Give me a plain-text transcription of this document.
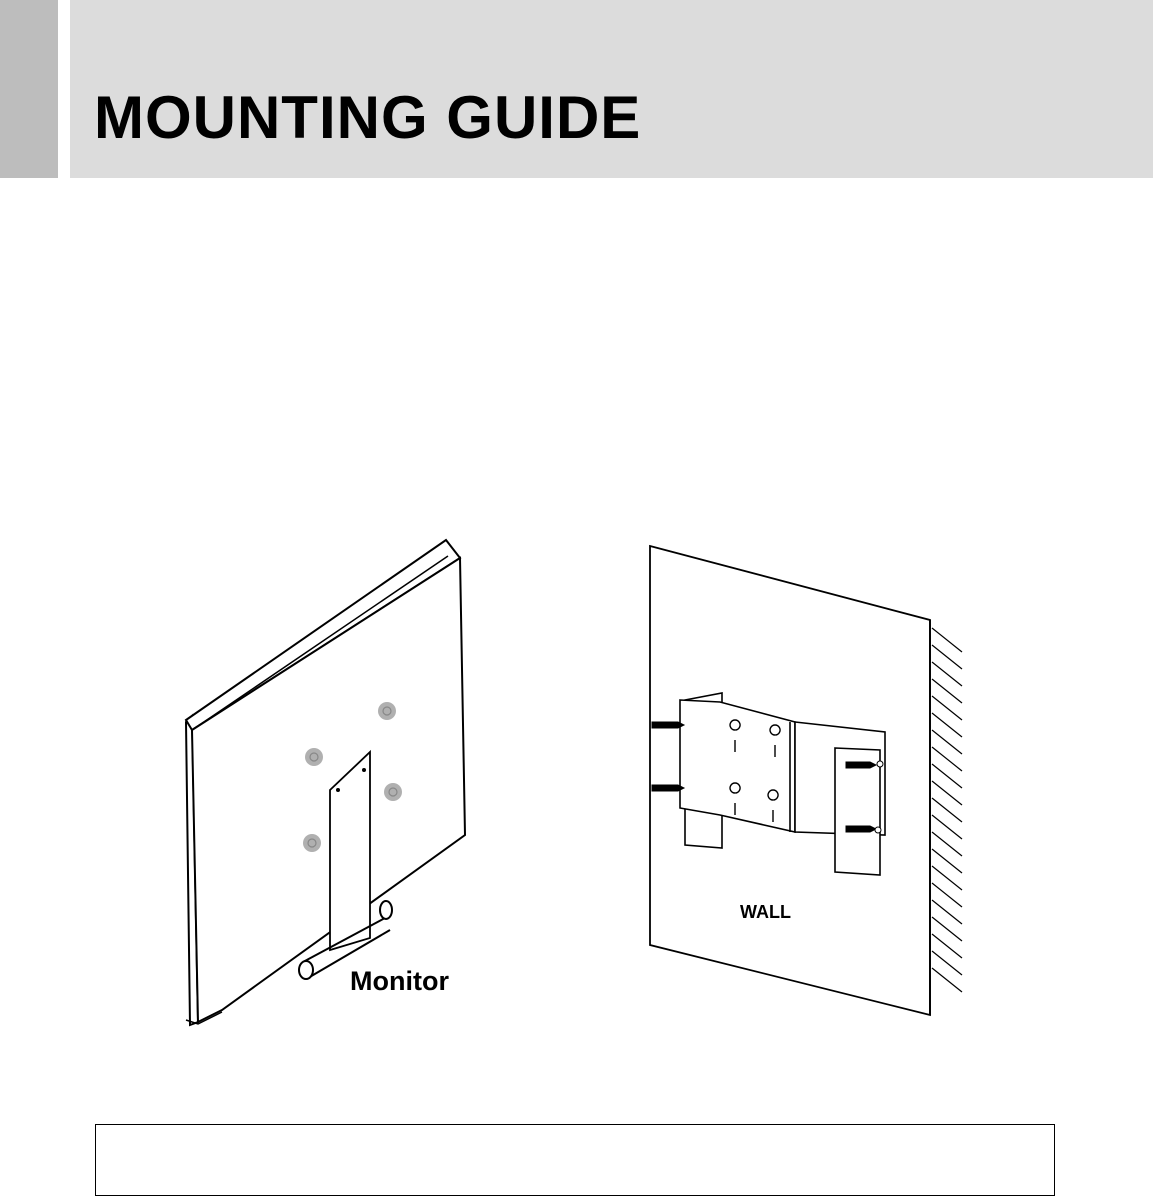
MOUNTING GUIDE
Monitor
WALL
